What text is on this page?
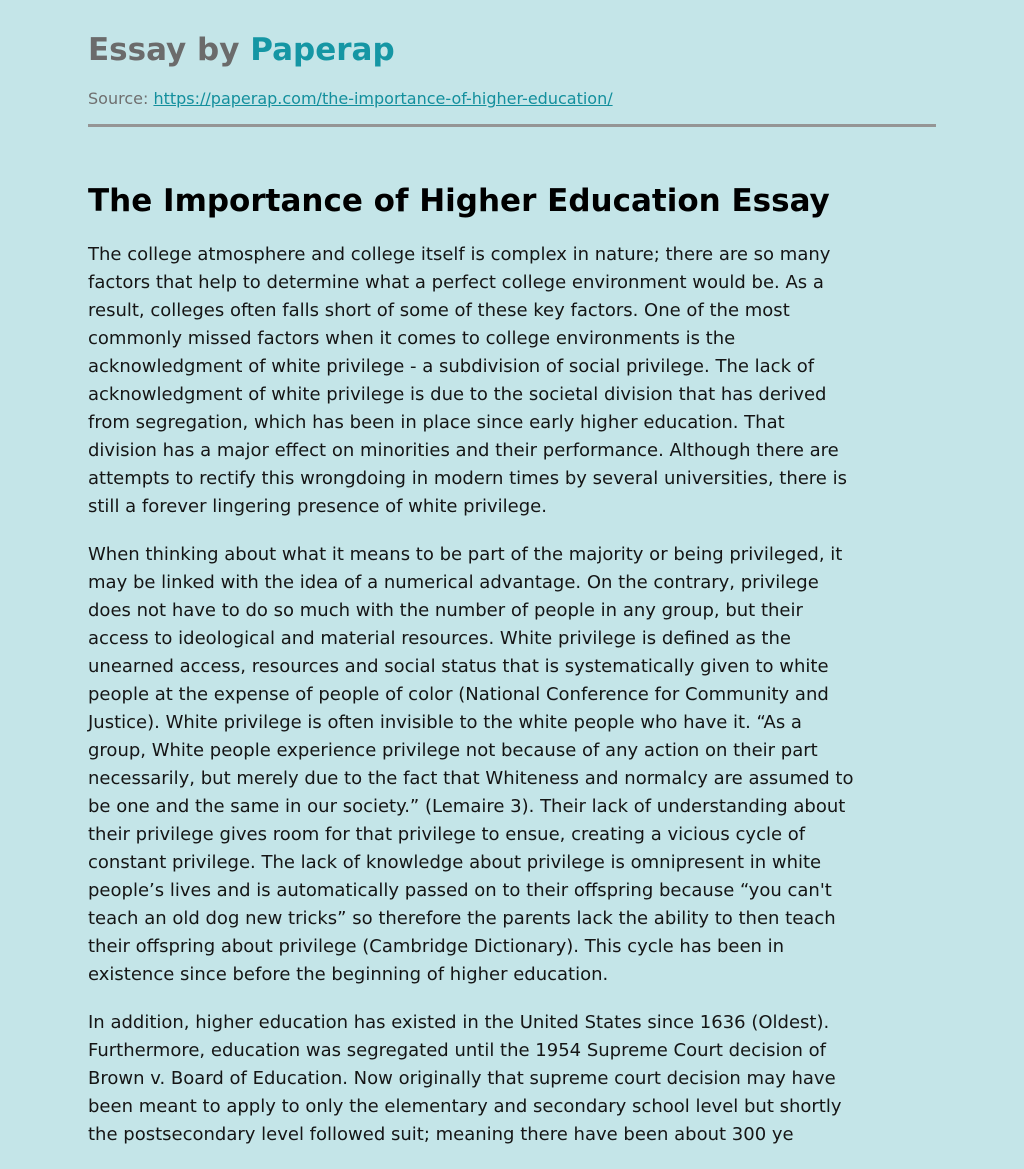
Essay by Paperap
Source: https://paperap.com/the-importance-of-higher-education/
The Importance of Higher Education Essay

The college atmosphere and college itself is complex in nature; there are so many
factors that help to determine what a perfect college environment would be. As a
result, colleges often falls short of some of these key factors. One of the most
commonly missed factors when it comes to college environments is the
acknowledgment of white privilege - a subdivision of social privilege. The lack of
acknowledgment of white privilege is due to the societal division that has derived
from segregation, which has been in place since early higher education. That
division has a major effect on minorities and their performance. Although there are
attempts to rectify this wrongdoing in modern times by several universities, there is
still a forever lingering presence of white privilege.

When thinking about what it means to be part of the majority or being privileged, it
may be linked with the idea of a numerical advantage. On the contrary, privilege
does not have to do so much with the number of people in any group, but their
access to ideological and material resources. White privilege is defined as the
unearned access, resources and social status that is systematically given to white
people at the expense of people of color (National Conference for Community and
Justice). White privilege is often invisible to the white people who have it. “As a
group, White people experience privilege not because of any action on their part
necessarily, but merely due to the fact that Whiteness and normalcy are assumed to
be one and the same in our society.” (Lemaire 3). Their lack of understanding about
their privilege gives room for that privilege to ensue, creating a vicious cycle of
constant privilege. The lack of knowledge about privilege is omnipresent in white
people’s lives and is automatically passed on to their offspring because “you can't
teach an old dog new tricks” so therefore the parents lack the ability to then teach
their offspring about privilege (Cambridge Dictionary). This cycle has been in
existence since before the beginning of higher education.

In addition, higher education has existed in the United States since 1636 (Oldest).
Furthermore, education was segregated until the 1954 Supreme Court decision of
Brown v. Board of Education. Now originally that supreme court decision may have
been meant to apply to only the elementary and secondary school level but shortly
the postsecondary level followed suit; meaning there have been about 300 ye
